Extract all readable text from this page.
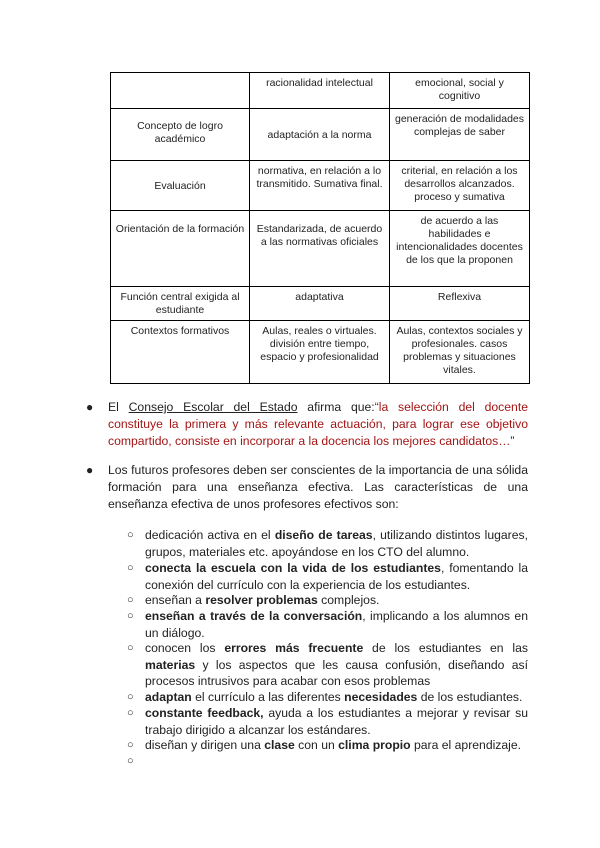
	racionalidad intelectual	emocional, social y cognitivo
Concepto de logro académico	adaptación a la norma	generación de modalidades complejas de saber
Evaluación	normativa, en relación a lo transmitido. Sumativa final.	criterial, en relación a los desarrollos alcanzados. proceso y sumativa
Orientación de la formación	Estandarizada, de acuerdo a las normativas oficiales	de acuerdo a las habilidades e intencionalidades docentes de los que la proponen
Función central exigida al estudiante	adaptativa	Reflexiva
Contextos formativos	Aulas, reales o virtuales. división entre tiempo, espacio y profesionalidad	Aulas, contextos sociales y profesionales. casos problemas y situaciones vitales.
● El Consejo Escolar del Estado afirma que:“la selección del docente constituye la primera y más relevante actuación, para lograr ese objetivo compartido, consiste en incorporar a la docencia los mejores candidatos…”
● Los futuros profesores deben ser conscientes de la importancia de una sólida formación para una enseñanza efectiva. Las características de una enseñanza efectiva de unos profesores efectivos son:
○ dedicación activa en el diseño de tareas, utilizando distintos lugares, grupos, materiales etc. apoyándose en los CTO del alumno.
○ conecta la escuela con la vida de los estudiantes, fomentando la conexión del currículo con la experiencia de los estudiantes.
○ enseñan a resolver problemas complejos.
○ enseñan a través de la conversación, implicando a los alumnos en un diálogo.
○ conocen los errores más frecuente de los estudiantes en las materias y los aspectos que les causa confusión, diseñando así procesos intrusivos para acabar con esos problemas
○ adaptan el currículo a las diferentes necesidades de los estudiantes.
○ constante feedback, ayuda a los estudiantes a mejorar y revisar su trabajo dirigido a alcanzar los estándares.
○ diseñan y dirigen una clase con un clima propio para el aprendizaje.
○
